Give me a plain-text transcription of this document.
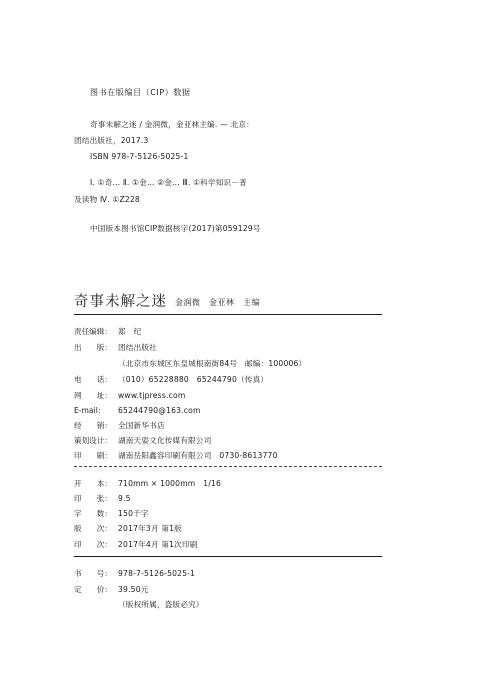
图书在版编目（CIP）数据
奇事未解之迷 / 金润微，金亚林主编. — 北京：
团结出版社，2017.3
ISBN 978-7-5126-5025-1
Ⅰ. ①奇… Ⅱ. ①金… ②金… Ⅲ. ①科学知识－普
及读物 Ⅳ. ①Z228
中国版本图书馆CIP数据核字(2017)第059129号
奇事未解之迷 金润微　金亚林　主编
责任编辑： 郑　纪
出　　版： 团结出版社
（北京市东城区东皇城根南街84号　邮编：100006）
电　　话： （010）65228880　65244790（传真）
网　　址： www.tjpress.com
E-mail： 65244790@163.com
经　　销： 全国新华书店
策划设计： 湖南天姿文化传媒有限公司
印　　刷： 湖南岳阳鑫容印刷有限公司　0730-8613770
开　　本： 710mm × 1000mm　1/16
印　　张： 9.5
字　　数： 150千字
版　　次： 2017年3月 第1版
印　　次： 2017年4月 第1次印刷
书　　号： 978-7-5126-5025-1
定　　价： 39.50元
（版权所属，盗版必究）
